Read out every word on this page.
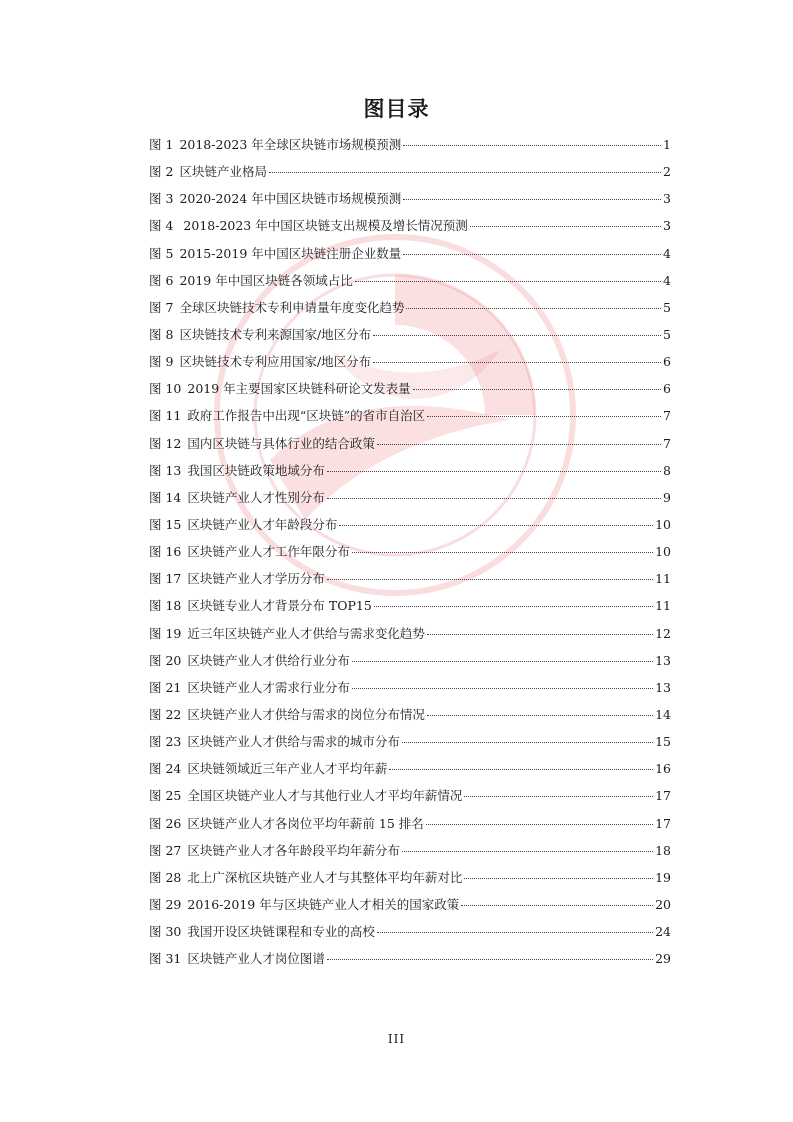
图目录
图 1 2018-2023 年全球区块链市场规模预测	1
图 2 区块链产业格局	2
图 3 2020-2024 年中国区块链市场规模预测	3
图 4 2018-2023 年中国区块链支出规模及增长情况预测	3
图 5 2015-2019 年中国区块链注册企业数量	4
图 6 2019 年中国区块链各领域占比	4
图 7 全球区块链技术专利申请量年度变化趋势	5
图 8 区块链技术专利来源国家/地区分布	5
图 9 区块链技术专利应用国家/地区分布	6
图 10 2019 年主要国家区块链科研论文发表量	6
图 11 政府工作报告中出现“区块链”的省市自治区	7
图 12 国内区块链与具体行业的结合政策	7
图 13 我国区块链政策地域分布	8
图 14 区块链产业人才性别分布	9
图 15 区块链产业人才年龄段分布	10
图 16 区块链产业人才工作年限分布	10
图 17 区块链产业人才学历分布	11
图 18 区块链专业人才背景分布 TOP15	11
图 19 近三年区块链产业人才供给与需求变化趋势	12
图 20 区块链产业人才供给行业分布	13
图 21 区块链产业人才需求行业分布	13
图 22 区块链产业人才供给与需求的岗位分布情况	14
图 23 区块链产业人才供给与需求的城市分布	15
图 24 区块链领域近三年产业人才平均年薪	16
图 25 全国区块链产业人才与其他行业人才平均年薪情况	17
图 26 区块链产业人才各岗位平均年薪前 15 排名	17
图 27 区块链产业人才各年龄段平均年薪分布	18
图 28 北上广深杭区块链产业人才与其整体平均年薪对比	19
图 29 2016-2019 年与区块链产业人才相关的国家政策	20
图 30 我国开设区块链课程和专业的高校	24
图 31 区块链产业人才岗位图谱	29
III
